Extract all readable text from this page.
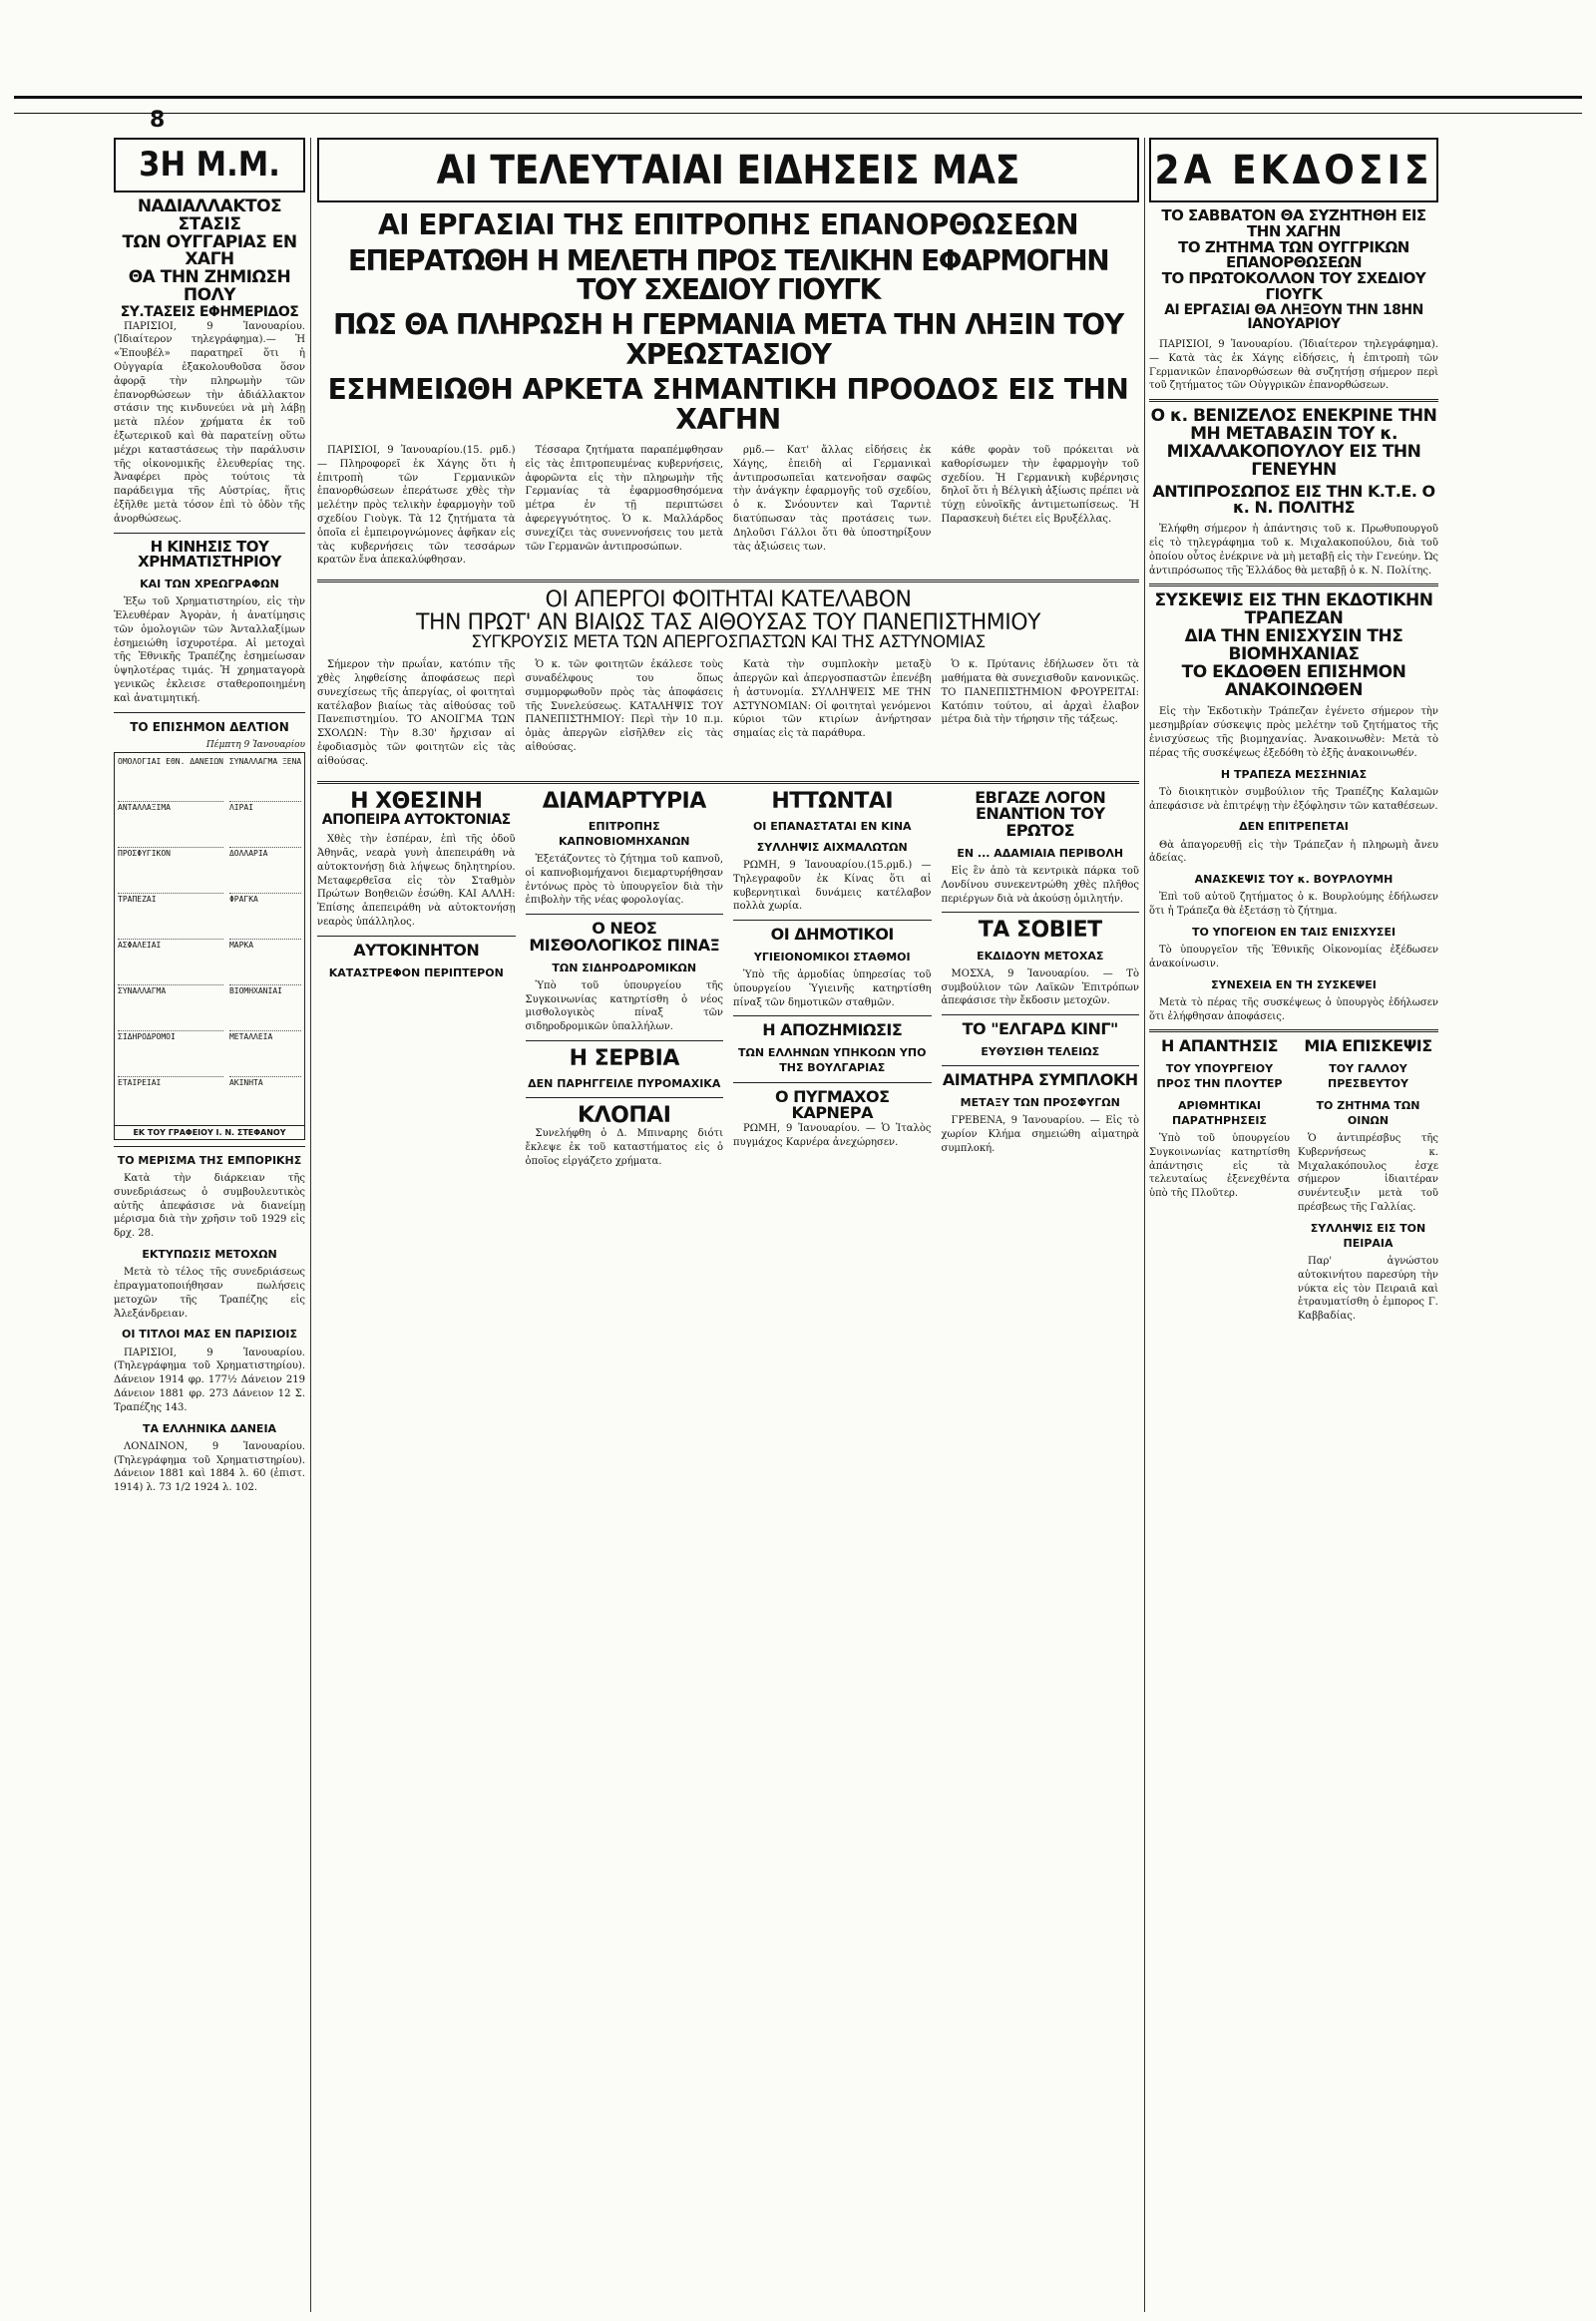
8
3Η Μ.Μ.
ΝΑΔΙΑΛΛΑΚΤΟΣ ΣΤΑΣΙΣ
ΤΩΝ ΟΥΓΓΑΡΙΑΣ ΕΝ ΧΑΓΗ
ΘΑ ΤΗΝ ΖΗΜΙΩΣΗ ΠΟΛΥ
ΣΥ.ΤΑΣΕΙΣ ΕΦΗΜΕΡΙΔΟΣ

ΠΑΡΙΣΙΟΙ, 9 Ἰανουαρίου. (Ἰδιαίτερον τηλεγράφημα).— Ἡ «Ἐπουβέλ» παρατηρεῖ ὅτι ἡ Οὐγγαρία ἐξακολουθοῦσα ὅσον ἀφορᾷ τὴν πληρωμὴν τῶν ἐπανορθώσεων τὴν ἀδιάλλακτον στάσιν της κινδυνεύει νὰ μὴ λάβῃ μετὰ πλέον χρήματα ἐκ τοῦ ἐξωτερικοῦ καὶ θὰ παρατείνῃ οὕτω μέχρι καταστάσεως τὴν παράλυσιν τῆς οἰκονομικῆς ἐλευθερίας της. Ἀναφέρει πρὸς τούτοις τὰ παράδειγμα τῆς Αὐστρίας, ἥτις ἐξῆλθε μετὰ τόσον ἐπὶ τὸ ὁδὸν τῆς ἀνορθώσεως.

Η ΚΙΝΗΣΙΣ ΤΟΥ ΧΡΗΜΑΤΙΣΤΗΡΙΟΥ
ΚΑΙ ΤΩΝ ΧΡΕΩΓΡΑΦΩΝ

Ἐξω τοῦ Χρηματιστηρίου, εἰς τὴν Ἐλευθέραν Ἀγορὰν, ἡ ἀνατίμησις τῶν ὁμολογιῶν τῶν Ἀνταλλαξίμων ἐσημειώθη ἰσχυροτέρα. Αἱ μετοχαὶ τῆς Ἐθνικῆς Τραπέζης ἐσημείωσαν ὑψηλοτέρας τιμάς. Ἡ χρηματαγορὰ γενικῶς ἐκλεισε σταθεροποιημένη καὶ ἀνατιμητική.

ΤΟ ΕΠΙΣΗΜΟΝ ΔΕΛΤΙΟΝ
Πέμπτη 9 Ἰανουαρίου
ΟΜΟΛΟΓΙΑΙ ΕΘΝ. ΔΑΝΕΙΩΝ
ΑΝΤΑΛΛΑΞΙΜΑ
ΠΡΟΣΦΥΓΙΚΟΝ
ΤΡΑΠΕΖΑΙ
ΑΣΦΑΛΕΙΑΙ
ΣΥΝΑΛΛΑΓΜΑ
ΣΙΔΗΡΟΔΡΟΜΟΙ
ΕΤΑΙΡΕΙΑΙ
ΣΥΝΑΛΛΑΓΜΑ ΞΕΝΑ
ΛΙΡΑΙ
ΔΟΛΛΑΡΙΑ
ΦΡΑΓΚΑ
ΜΑΡΚΑ
ΒΙΟΜΗΧΑΝΙΑΙ
ΜΕΤΑΛΛΕΙΑ
ΑΚΙΝΗΤΑ
ΕΚ ΤΟΥ ΓΡΑΦΕΙΟΥ Ι. Ν. ΣΤΕΦΑΝΟΥ
ΤΟ ΜΕΡΙΣΜΑ ΤΗΣ ΕΜΠΟΡΙΚΗΣ

Κατὰ τὴν διάρκειαν τῆς συνεδριάσεως ὁ συμβουλευτικὸς αὐτῆς ἀπεφάσισε νὰ διανείμῃ μέρισμα διὰ τὴν χρῆσιν τοῦ 1929 εἰς δρχ. 28.

ΕΚΤΥΠΩΣΙΣ ΜΕΤΟΧΩΝ

Μετὰ τὸ τέλος τῆς συνεδριάσεως ἐπραγματοποιήθησαν πωλήσεις μετοχῶν τῆς Τραπέζης εἰς Ἀλεξάνδρειαν.

ΟΙ ΤΙΤΛΟΙ ΜΑΣ ΕΝ ΠΑΡΙΣΙΟΙΣ

ΠΑΡΙΣΙΟΙ, 9 Ἰανουαρίου. (Τηλεγράφημα τοῦ Χρηματιστηρίου). Δάνειον 1914 φρ. 177½ Δάνειον 219 Δάνειον 1881 φρ. 273 Δάνειον 12 Σ. Τραπέζης 143.

ΤΑ ΕΛΛΗΝΙΚΑ ΔΑΝΕΙΑ

ΛΟΝΔΙΝΟΝ, 9 Ἰανουαρίου. (Τηλεγράφημα τοῦ Χρηματιστηρίου). Δάνειον 1881 καὶ 1884 λ. 60 (ἐπιστ. 1914) λ. 73 1/2 1924 λ. 102.

ΑΙ ΤΕΛΕΥΤΑΙΑΙ ΕΙΔΗΣΕΙΣ ΜΑΣ
ΑΙ ΕΡΓΑΣΙΑΙ ΤΗΣ ΕΠΙΤΡΟΠΗΣ ΕΠΑΝΟΡΘΩΣΕΩΝ
ΕΠΕΡΑΤΩΘΗ Η ΜΕΛΕΤΗ ΠΡΟΣ ΤΕΛΙΚΗΝ ΕΦΑΡΜΟΓΗΝ ΤΟΥ ΣΧΕΔΙΟΥ ΓΙΟΥΓΚ
ΠΩΣ ΘΑ ΠΛΗΡΩΣΗ Η ΓΕΡΜΑΝΙΑ ΜΕΤΑ ΤΗΝ ΛΗΞΙΝ ΤΟΥ ΧΡΕΩΣΤΑΣΙΟΥ
ΕΣΗΜΕΙΩΘΗ ΑΡΚΕΤΑ ΣΗΜΑΝΤΙΚΗ ΠΡΟΟΔΟΣ ΕΙΣ ΤΗΝ ΧΑΓΗΝ

ΠΑΡΙΣΙΟΙ, 9 Ἰανουαρίου.(15. ρμδ.) — Πληροφορεῖ ἐκ Χάγης ὅτι ἡ ἐπιτροπὴ τῶν Γερμανικῶν ἐπανορθώσεων ἐπεράτωσε χθὲς τὴν μελέτην πρὸς τελικὴν ἐφαρμογὴν τοῦ σχεδίου Γιοὺγκ. Τὰ 12 ζητήματα τὰ ὁποῖα εἰ ἐμπειρογνώμονες ἀφῆκαν εἰς τὰς κυβερνήσεις τῶν τεσσάρων κρατῶν ἔνα ἀπεκαλύφθησαν.

Τέσσαρα ζητήματα παραπέμφθησαν εἰς τὰς ἐπιτροπευμένας κυβερνήσεις, ἀφορῶντα εἰς τὴν πληρωμὴν τῆς Γερμανίας τὰ ἐφαρμοσθησόμενα μέτρα ἐν τῇ περιπτώσει ἀφερεγγυότητος. Ὁ κ. Μαλλάρδος συνεχίζει τὰς συνεννοήσεις του μετὰ τῶν Γερμανῶν ἀντιπροσώπων.

ρμδ.— Κατ' ἄλλας εἰδήσεις ἐκ Χάγης, ἐπειδὴ αἱ Γερμανικαὶ ἀντιπροσωπεῖαι κατενοῆσαν σαφῶς τὴν ἀνάγκην ἐφαρμογῆς τοῦ σχεδίου, ὁ κ. Σνόουντεν καὶ Ταρντιὲ διατύπωσαν τὰς προτάσεις των. Δηλοῦσι Γάλλοι ὅτι θὰ ὑποστηρίξουν τὰς ἀξιώσεις των.

κάθε φορὰν τοῦ πρόκειται νὰ καθορίσωμεν τὴν ἐφαρμογὴν τοῦ σχεδίου. Ἡ Γερμανικὴ κυβέρνησις δηλοῖ ὅτι ἡ Βέλγικὴ ἀξίωσις πρέπει νὰ τύχῃ εὐνοϊκῆς ἀντιμετωπίσεως. Ἡ Παρασκευὴ διέτει εἰς Βρυξέλλας.

ΟΙ ΑΠΕΡΓΟΙ ΦΟΙΤΗΤΑΙ ΚΑΤΕΛΑΒΟΝ
ΤΗΝ ΠΡΩΤ' ΑΝ ΒΙΑΙΩΣ ΤΑΣ ΑΙΘΟΥΣΑΣ ΤΟΥ ΠΑΝΕΠΙΣΤΗΜΙΟΥ
ΣΥΓΚΡΟΥΣΙΣ ΜΕΤΑ ΤΩΝ ΑΠΕΡΓΟΣΠΑΣΤΩΝ ΚΑΙ ΤΗΣ ΑΣΤΥΝΟΜΙΑΣ

Σήμερον τὴν πρωΐαν, κατόπιν τῆς χθὲς ληφθείσης ἀποφάσεως περὶ συνεχίσεως τῆς ἀπεργίας, οἱ φοιτηταὶ κατέλαβον βιαίως τὰς αἰθούσας τοῦ Πανεπιστημίου. ΤΟ ΑΝΟΙΓΜΑ ΤΩΝ ΣΧΟΛΩΝ: Τὴν 8.30' ἤρχισαν αἱ ἐφοδιασμὸς τῶν φοιτητῶν εἰς τὰς αἰθούσας.

Ὁ κ. τῶν φοιτητῶν ἐκάλεσε τοὺς συναδέλφους του ὅπως συμμορφωθοῦν πρὸς τὰς ἀποφάσεις τῆς Συνελεύσεως. ΚΑΤΑΛΗΨΙΣ ΤΟΥ ΠΑΝΕΠΙΣΤΗΜΙΟΥ: Περὶ τὴν 10 π.μ. ὁμὰς ἀπεργῶν εἰσῆλθεν εἰς τὰς αἰθούσας.

Κατὰ τὴν συμπλοκὴν μεταξὺ ἀπεργῶν καὶ ἀπεργοσπαστῶν ἐπενέβη ἡ ἀστυνομία. ΣΥΛΛΗΨΕΙΣ ΜΕ ΤΗΝ ΑΣΤΥΝΟΜΙΑΝ: Οἱ φοιτηταὶ γενόμενοι κύριοι τῶν κτιρίων ἀνήρτησαν σημαίας εἰς τὰ παράθυρα.

Ὁ κ. Πρύτανις ἐδήλωσεν ὅτι τὰ μαθήματα θὰ συνεχισθοῦν κανονικῶς. ΤΟ ΠΑΝΕΠΙΣΤΗΜΙΟΝ ΦΡΟΥΡΕΙΤΑΙ: Κατόπιν τούτου, αἱ ἀρχαὶ ἐλαβον μέτρα διὰ τὴν τήρησιν τῆς τάξεως.

Η ΧΘΕΣΙΝΗ
ΑΠΟΠΕΙΡΑ ΑΥΤΟΚΤΟΝΙΑΣ

Χθὲς τὴν ἑσπέραν, ἐπὶ τῆς ὁδοῦ Ἀθηνᾶς, νεαρὰ γυνὴ ἀπεπειράθη νὰ αὐτοκτονήσῃ διὰ λήψεως δηλητηρίου. Μεταφερθεῖσα εἰς τὸν Σταθμὸν Πρώτων Βοηθειῶν ἐσώθη. ΚΑΙ ΑΛΛΗ: Ἐπίσης ἀπεπειράθη νὰ αὐτοκτονήσῃ νεαρὸς ὑπάλληλος.

ΑΥΤΟΚΙΝΗΤΟΝ
ΚΑΤΑΣΤΡΕΦΟΝ ΠΕΡΙΠΤΕΡΟΝ
ΔΙΑΜΑΡΤΥΡΙΑ
ΕΠΙΤΡΟΠΗΣ ΚΑΠΝΟΒΙΟΜΗΧΑΝΩΝ

Ἐξετάζοντες τὸ ζήτημα τοῦ καπνοῦ, οἱ καπνοβιομήχανοι διεμαρτυρήθησαν ἐντόνως πρὸς τὸ ὑπουργεῖον διὰ τὴν ἐπιβολὴν τῆς νέας φορολογίας.

Ο ΝΕΟΣ ΜΙΣΘΟΛΟΓΙΚΟΣ ΠΙΝΑΞ
ΤΩΝ ΣΙΔΗΡΟΔΡΟΜΙΚΩΝ

Ὑπὸ τοῦ ὑπουργείου τῆς Συγκοινωνίας κατηρτίσθη ὁ νέος μισθολογικὸς πίναξ τῶν σιδηροδρομικῶν ὑπαλλήλων.

Η ΣΕΡΒΙΑ
ΔΕΝ ΠΑΡΗΓΓΕΙΛΕ ΠΥΡΟΜΑΧΙΚΑ
ΚΛΟΠΑΙ

Συνελήφθη ὁ Δ. Μπιναρης διότι ἔκλεψε ἐκ τοῦ καταστήματος εἰς ὁ ὁποῖος εἰργάζετο χρήματα.

ΗΤΤΩΝΤΑΙ
ΟΙ ΕΠΑΝΑΣΤΑΤΑΙ ΕΝ ΚΙΝΑ
ΣΥΛΛΗΨΙΣ ΑΙΧΜΑΛΩΤΩΝ

ΡΩΜΗ, 9 Ἰανουαρίου.(15.ρμδ.) — Τηλεγραφοῦν ἐκ Κίνας ὅτι αἱ κυβερνητικαὶ δυνάμεις κατέλαβον πολλὰ χωρία.

ΟΙ ΔΗΜΟΤΙΚΟΙ
ΥΓΙΕΙΟΝΟΜΙΚΟΙ ΣΤΑΘΜΟΙ

Ὑπὸ τῆς ἀρμοδίας ὑπηρεσίας τοῦ ὑπουργείου Ὑγιεινῆς κατηρτίσθη πίναξ τῶν δημοτικῶν σταθμῶν.

Η ΑΠΟΖΗΜΙΩΣΙΣ
ΤΩΝ ΕΛΛΗΝΩΝ ΥΠΗΚΟΩΝ ΥΠΟ ΤΗΣ ΒΟΥΛΓΑΡΙΑΣ
Ο ΠΥΓΜΑΧΟΣ ΚΑΡΝΕΡΑ

ΡΩΜΗ, 9 Ἰανουαρίου. — Ὁ Ἰταλὸς πυγμάχος Καρνέρα ἀνεχώρησεν.

ΕΒΓΑΖΕ ΛΟΓΟΝ
ΕΝΑΝΤΙΟΝ ΤΟΥ ΕΡΩΤΟΣ
ΕΝ ... ΑΔΑΜΙΑΙΑ ΠΕΡΙΒΟΛΗ

Εἰς ἓν ἀπὸ τὰ κεντρικὰ πάρκα τοῦ Λονδίνου συνεκεντρώθη χθὲς πλῆθος περιέργων διὰ νὰ ἀκούσῃ ὁμιλητήν.

ΤΑ ΣΟΒΙΕΤ
ΕΚΔΙΔΟΥΝ ΜΕΤΟΧΑΣ

ΜΟΣΧΑ, 9 Ἰανουαρίου. — Τὸ συμβούλιον τῶν Λαϊκῶν Ἐπιτρόπων ἀπεφάσισε τὴν ἔκδοσιν μετοχῶν.

ΤΟ "ΕΛΓΑΡΔ ΚΙΝΓ"
ΕΥΘΥΣΙΘΗ ΤΕΛΕΙΩΣ
ΑΙΜΑΤΗΡΑ ΣΥΜΠΛΟΚΗ
ΜΕΤΑΞΥ ΤΩΝ ΠΡΟΣΦΥΓΩΝ

ΓΡΕΒΕΝΑ, 9 Ἰανουαρίου. — Εἰς τὸ χωρίον Κλήμα σημειώθη αἱματηρὰ συμπλοκή.

2Α ΕΚΔΟΣΙΣ
ΤΟ ΣΑΒΒΑΤΟΝ ΘΑ ΣΥΖΗΤΗΘΗ ΕΙΣ ΤΗΝ ΧΑΓΗΝ
ΤΟ ΖΗΤΗΜΑ ΤΩΝ ΟΥΓΓΡΙΚΩΝ ΕΠΑΝΟΡΘΩΣΕΩΝ
ΤΟ ΠΡΩΤΟΚΟΛΛΟΝ ΤΟΥ ΣΧΕΔΙΟΥ ΓΙΟΥΓΚ
ΑΙ ΕΡΓΑΣΙΑΙ ΘΑ ΛΗΞΟΥΝ ΤΗΝ 18ΗΝ ΙΑΝΟΥΑΡΙΟΥ

ΠΑΡΙΣΙΟΙ, 9 Ἰανουαρίου. (Ἰδιαίτερον τηλεγράφημα). — Κατὰ τὰς ἐκ Χάγης εἰδήσεις, ἡ ἐπιτροπὴ τῶν Γερμανικῶν ἐπανορθώσεων θὰ συζητήσῃ σήμερον περὶ τοῦ ζητήματος τῶν Οὐγγρικῶν ἐπανορθώσεων.

Ο κ. ΒΕΝΙΖΕΛΟΣ ΕΝΕΚΡΙΝΕ ΤΗΝ ΜΗ ΜΕΤΑΒΑΣΙΝ ΤΟΥ κ. ΜΙΧΑΛΑΚΟΠΟΥΛΟΥ ΕΙΣ ΤΗΝ ΓΕΝΕΥΗΝ
ΑΝΤΙΠΡΟΣΩΠΟΣ ΕΙΣ ΤΗΝ Κ.Τ.Ε. Ο κ. Ν. ΠΟΛΙΤΗΣ

Ἐλήφθη σήμερον ἡ ἀπάντησις τοῦ κ. Πρωθυπουργοῦ εἰς τὸ τηλεγράφημα τοῦ κ. Μιχαλακοπούλου, διὰ τοῦ ὁποίου οὗτος ἐνέκρινε νὰ μὴ μεταβῇ εἰς τὴν Γενεύην. Ὡς ἀντιπρόσωπος τῆς Ἑλλάδος θὰ μεταβῇ ὁ κ. Ν. Πολίτης.

ΣΥΣΚΕΨΙΣ ΕΙΣ ΤΗΝ ΕΚΔΟΤΙΚΗΝ ΤΡΑΠΕΖΑΝ
ΔΙΑ ΤΗΝ ΕΝΙΣΧΥΣΙΝ ΤΗΣ ΒΙΟΜΗΧΑΝΙΑΣ
ΤΟ ΕΚΔΟΘΕΝ ΕΠΙΣΗΜΟΝ ΑΝΑΚΟΙΝΩΘΕΝ

Εἰς τὴν Ἐκδοτικὴν Τράπεζαν ἐγένετο σήμερον τὴν μεσημβρίαν σύσκεψις πρὸς μελέτην τοῦ ζητήματος τῆς ἐνισχύσεως τῆς βιομηχανίας. Ἀνακοινωθὲν: Μετὰ τὸ πέρας τῆς συσκέψεως ἐξεδόθη τὸ ἑξῆς ἀνακοινωθέν.

Η ΤΡΑΠΕΖΑ ΜΕΣΣΗΝΙΑΣ

Τὸ διοικητικὸν συμβούλιον τῆς Τραπέζης Καλαμῶν ἀπεφάσισε νὰ ἐπιτρέψῃ τὴν ἐξόφλησιν τῶν καταθέσεων.

ΔΕΝ ΕΠΙΤΡΕΠΕΤΑΙ

Θὰ ἀπαγορευθῇ εἰς τὴν Τράπεζαν ἡ πληρωμὴ ἄνευ ἀδείας.

ΑΝΑΣΚΕΨΙΣ ΤΟΥ κ. ΒΟΥΡΛΟΥΜΗ

Ἐπὶ τοῦ αὐτοῦ ζητήματος ὁ κ. Βουρλούμης ἐδήλωσεν ὅτι ἡ Τράπεζα θὰ ἐξετάσῃ τὸ ζήτημα.

ΤΟ ΥΠΟΓΕΙΟΝ ΕΝ ΤΑΙΣ ΕΝΙΣΧΥΣΕΙ

Τὸ ὑπουργεῖον τῆς Ἐθνικῆς Οἰκονομίας ἐξέδωσεν ἀνακοίνωσιν.

ΣΥΝΕΧΕΙΑ ΕΝ ΤΗ ΣΥΣΚΕΨΕΙ

Μετὰ τὸ πέρας τῆς συσκέψεως ὁ ὑπουργὸς ἐδήλωσεν ὅτι ἐλήφθησαν ἀποφάσεις.

Η ΑΠΑΝΤΗΣΙΣ
ΤΟΥ ΥΠΟΥΡΓΕΙΟΥ ΠΡΟΣ ΤΗΝ ΠΛΟΥΤΕΡ
ΑΡΙΘΜΗΤΙΚΑΙ ΠΑΡΑΤΗΡΗΣΕΙΣ

Ὑπὸ τοῦ ὑπουργείου Συγκοινωνίας κατηρτίσθη ἀπάντησις εἰς τὰ τελευταίως ἐξενεχθέντα ὑπὸ τῆς Πλοῦτερ.

ΜΙΑ ΕΠΙΣΚΕΨΙΣ
ΤΟΥ ΓΑΛΛΟΥ ΠΡΕΣΒΕΥΤΟΥ
ΤΟ ΖΗΤΗΜΑ ΤΩΝ ΟΙΝΩΝ

Ὁ ἀντιπρέσβυς τῆς Κυβερνήσεως κ. Μιχαλακόπουλος ἐσχε σήμερον ἰδιαιτέραν συνέντευξιν μετὰ τοῦ πρέσβεως τῆς Γαλλίας.

ΣΥΛΛΗΨΙΣ ΕΙΣ ΤΟΝ ΠΕΙΡΑΙΑ

Παρ' ἀγνώστου αὐτοκινήτου παρεσύρη τὴν νύκτα εἰς τὸν Πειραιᾶ καὶ ἐτραυματίσθη ὁ ἐμπορος Γ. Καββαδίας.
